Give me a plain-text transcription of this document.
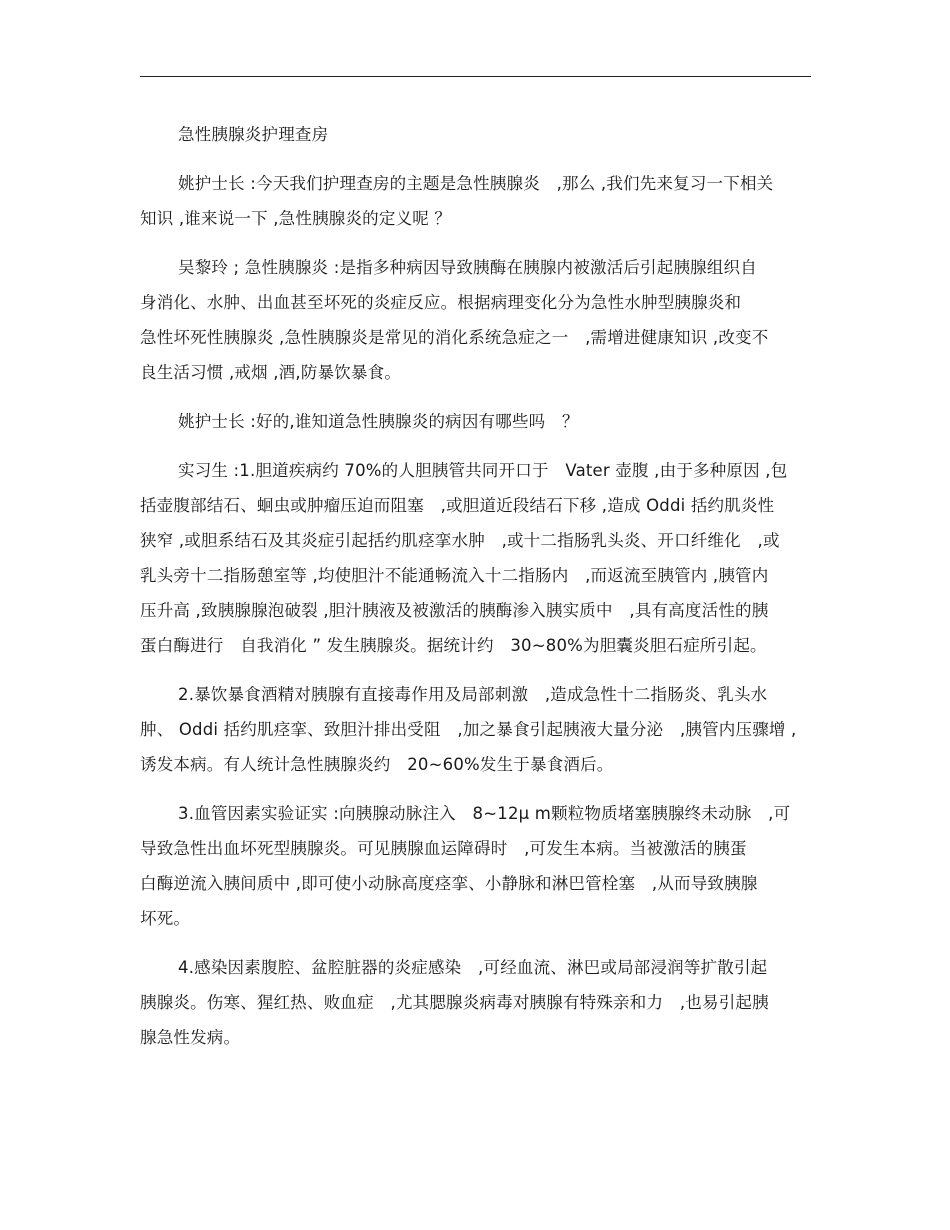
急性胰腺炎护理查房
姚护士长 :今天我们护理查房的主题是急性胰腺炎　,那么 ,我们先来复习一下相关
知识 ,谁来说一下 ,急性胰腺炎的定义呢 ？
吴黎玲 ; 急性胰腺炎 :是指多种病因导致胰酶在胰腺内被激活后引起胰腺组织自
身消化、水肿、出血甚至坏死的炎症反应。根据病理变化分为急性水肿型胰腺炎和
急性坏死性胰腺炎 ,急性胰腺炎是常见的消化系统急症之一　,需增进健康知识 ,改变不
良生活习惯 ,戒烟 ,酒,防暴饮暴食。
姚护士长 :好的,谁知道急性胰腺炎的病因有哪些吗　？
实习生 :1.胆道疾病约 70%的人胆胰管共同开口于　Vater 壶腹 ,由于多种原因 ,包
括壶腹部结石、蛔虫或肿瘤压迫而阻塞　,或胆道近段结石下移 ,造成 Oddi 括约肌炎性
狭窄 ,或胆系结石及其炎症引起括约肌痉挛水肿　,或十二指肠乳头炎、开口纤维化　,或
乳头旁十二指肠憩室等 ,均使胆汁不能通畅流入十二指肠内　,而返流至胰管内 ,胰管内
压升高 ,致胰腺腺泡破裂 ,胆汁胰液及被激活的胰酶渗入胰实质中　,具有高度活性的胰
蛋白酶进行　自我消化 ” 发生胰腺炎。据统计约　30~80%为胆囊炎胆石症所引起。
2.暴饮暴食酒精对胰腺有直接毒作用及局部刺激　,造成急性十二指肠炎、乳头水
肿、 Oddi 括约肌痉挛、致胆汁排出受阻　,加之暴食引起胰液大量分泌　,胰管内压骤增 ,
诱发本病。有人统计急性胰腺炎约　20~60%发生于暴食酒后。
3.血管因素实验证实 :向胰腺动脉注入　8~12μ m颗粒物质堵塞胰腺终未动脉　,可
导致急性出血坏死型胰腺炎。可见胰腺血运障碍时　,可发生本病。当被激活的胰蛋
白酶逆流入胰间质中 ,即可使小动脉高度痉挛、小静脉和淋巴管栓塞　,从而导致胰腺
坏死。
4.感染因素腹腔、盆腔脏器的炎症感染　,可经血流、淋巴或局部浸润等扩散引起
胰腺炎。伤寒、猩红热、败血症　,尤其腮腺炎病毒对胰腺有特殊亲和力　,也易引起胰
腺急性发病。
